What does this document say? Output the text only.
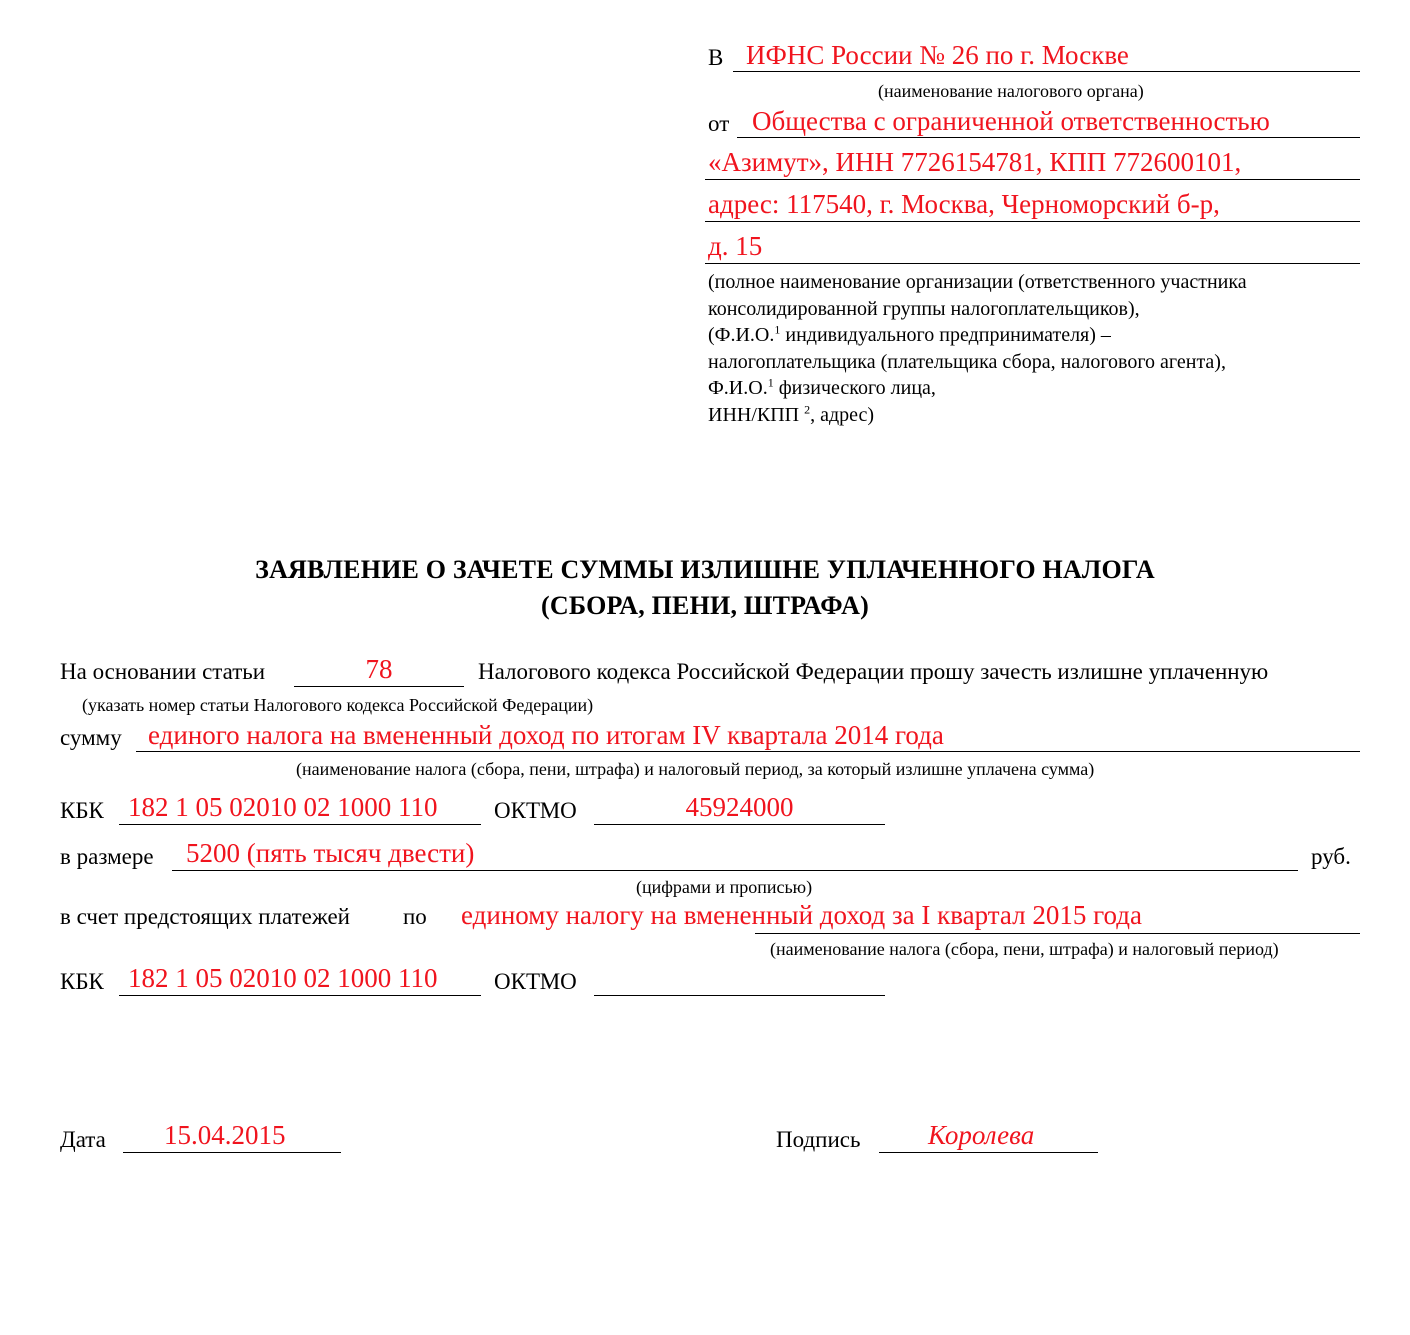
В ИФНС России № 26 по г. Москве
(наименование налогового органа)
от Общества с ограниченной ответственностью
«Азимут», ИНН 7726154781, КПП 772600101,
адрес: 117540, г. Москва, Черноморский б-р,
д. 15
(полное наименование организации (ответственного участника
консолидированной группы налогоплательщиков),
(Ф.И.О.$^1$ индивидуального предпринимателя) –
налогоплательщика (плательщика сбора, налогового агента),
Ф.И.О.$^1$ физического лица,
ИНН/КПП $^2$, адрес)
ЗАЯВЛЕНИЕ О ЗАЧЕТЕ СУММЫ ИЗЛИШНЕ УПЛАЧЕННОГО НАЛОГА
(СБОРА, ПЕНИ, ШТРАФА)
На основании статьи	78	Налогового кодекса Российской Федерации прошу зачесть излишне уплаченную
(указать номер статьи Налогового кодекса Российской Федерации)
сумму единого налога на вмененный доход по итогам IV квартала 2014 года
(наименование налога (сбора, пени, штрафа) и налоговый период, за который излишне уплачена сумма)
КБК 182 1 05 02010 02 1000 110 ОКТМО	45924000
в размере 5200 (пять тысяч двести)	руб.
(цифрами и прописью)
в счет предстоящих платежей по единому налогу на вмененный доход за I квартал 2015 года
(наименование налога (сбора, пени, штрафа) и налоговый период)
КБК 182 1 05 02010 02 1000 110 ОКТМО
Дата 15.04.2015	Подпись	Королева
